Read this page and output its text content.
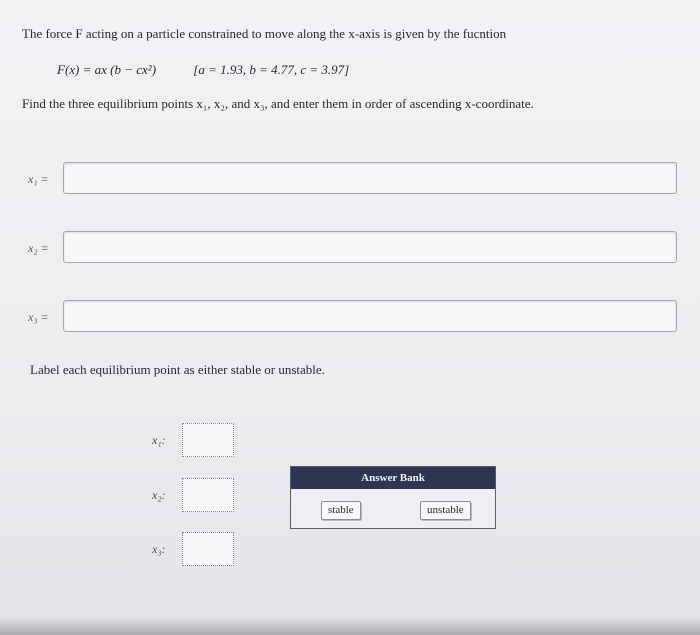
The force F acting on a particle constrained to move along the x-axis is given by the fucntion
F(x) = ax (b − cx²)	[a = 1.93, b = 4.77, c = 3.97]
Find the three equilibrium points x₁, x₂, and x₃, and enter them in order of ascending x-coordinate.
x₁ =
x₂ =
x₃ =
Label each equilibrium point as either stable or unstable.
x₁:
x₂:
x₃:
Answer Bank
stable	unstable
